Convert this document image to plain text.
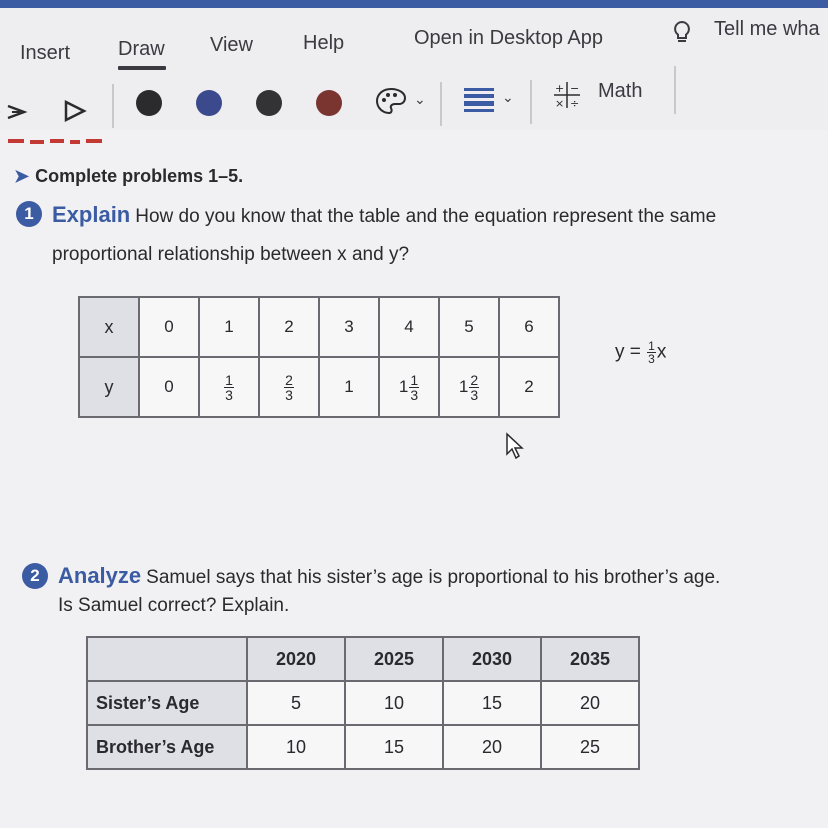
Insert Draw View	Help	Open in Desktop App	Tell me wha
⌄	⌄
+ −
× ÷
Math
➤ Complete problems 1–5.
1 Explain How do you know that the table and the equation represent the same
proportional relationship between x and y?
x	0	1	2	3	4	5	6
y	0	$\frac{1}{3}$	$\frac{2}{3}$	1	$1 \frac{1}{3}$	$1 \frac{2}{3}$	2
$y = \frac{1}{3}$ x
2 Analyze Samuel says that his sister’s age is proportional to his brother’s age.
Is Samuel correct? Explain.
	2020	2025	2030	2035
Sister’s Age	5	10	15	20
Brother’s Age	10	15	20	25
